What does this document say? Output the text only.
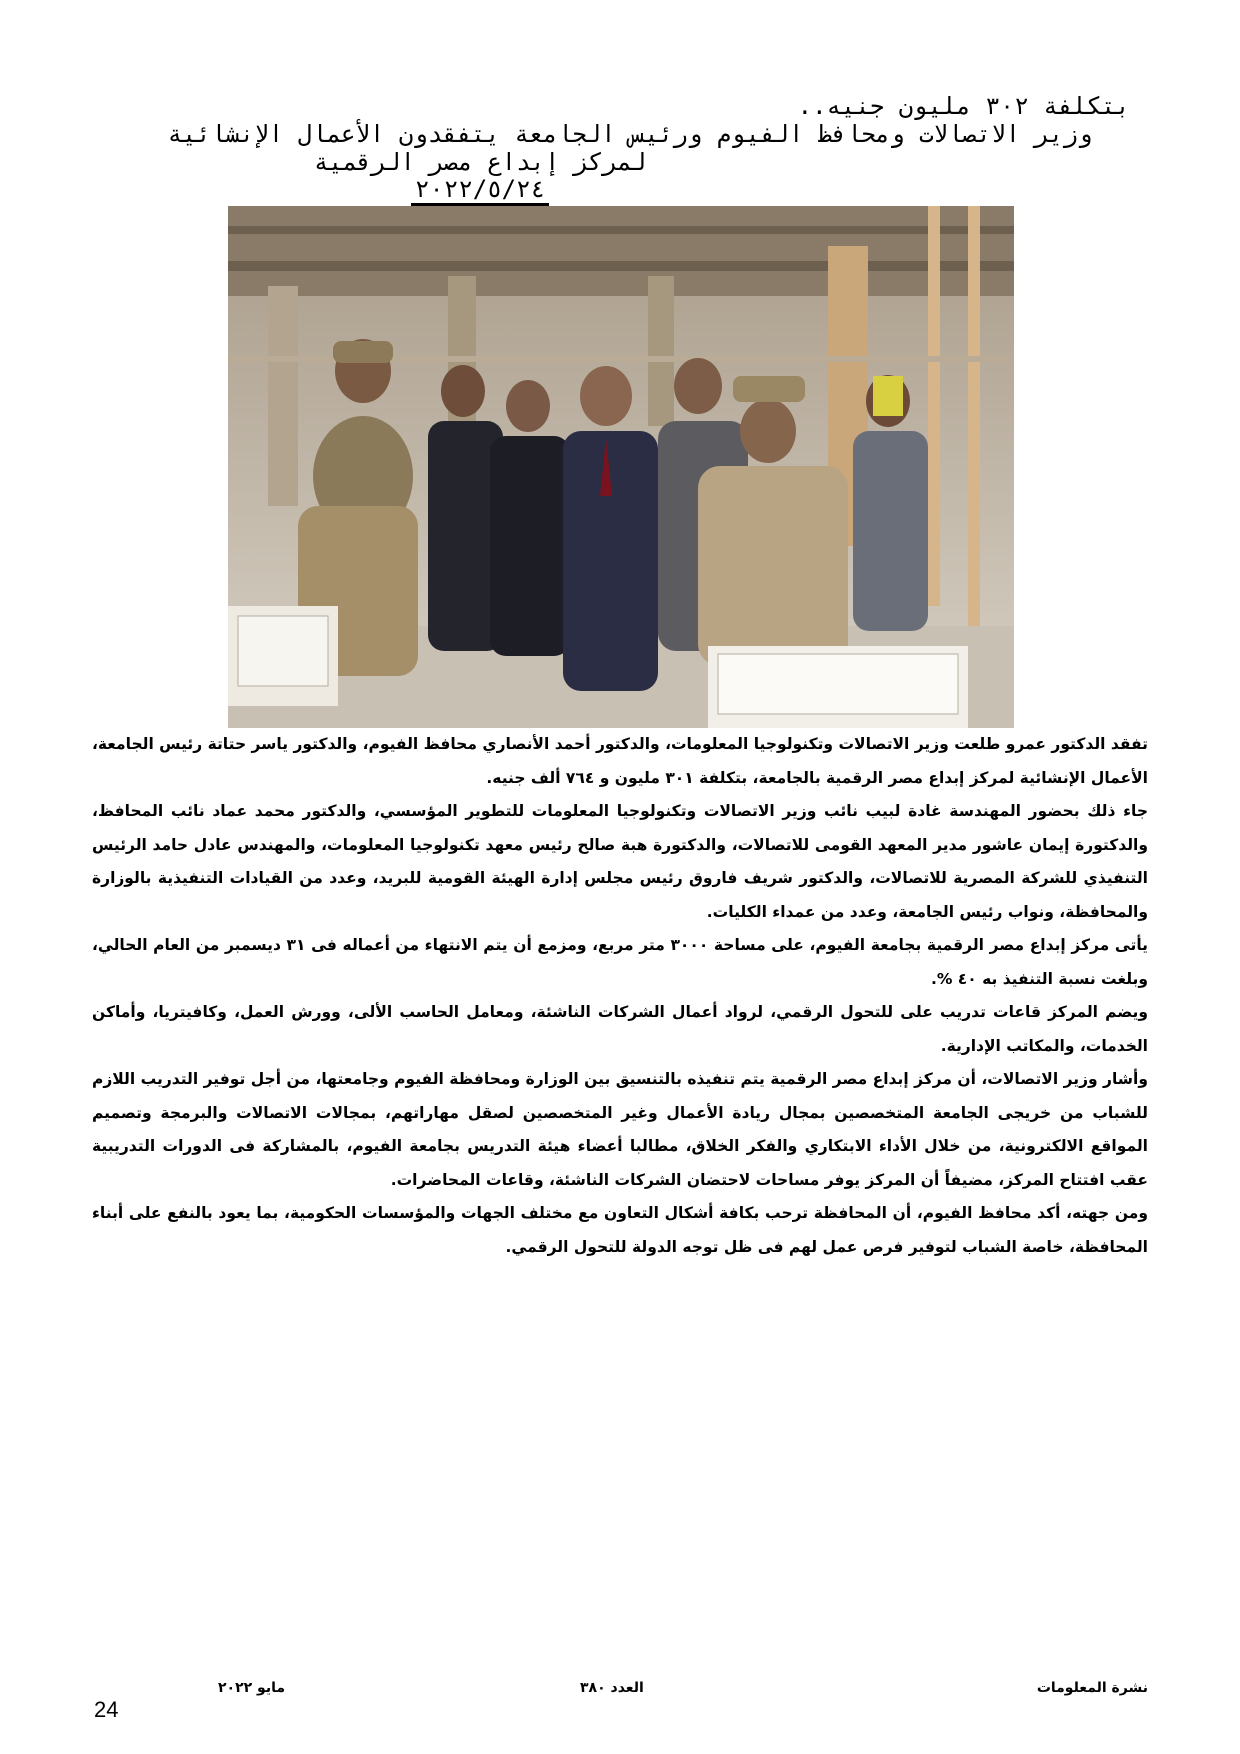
بتكلفة ٣٠٢ مليون جنيه..
وزير الاتصالات ومحافظ الفيوم ورئيس الجامعة يتفقدون الأعمال الإنشائية
لمركز إبداع مصر الرقمية
٢٠٢٢/٥/٢٤

تفقد الدكتور عمرو طلعت وزير الاتصالات وتكنولوجيا المعلومات، والدكتور أحمد الأنصاري محافظ الفيوم، والدكتور ياسر حتاتة رئيس الجامعة، الأعمال الإنشائية لمركز إبداع مصر الرقمية بالجامعة، بتكلفة ٣٠١ مليون و ٧٦٤ ألف جنيه.

جاء ذلك بحضور المهندسة غادة لبيب نائب وزير الاتصالات وتكنولوجيا المعلومات للتطوير المؤسسي، والدكتور محمد عماد نائب المحافظ، والدكتورة إيمان عاشور مدير المعهد القومى للاتصالات، والدكتورة هبة صالح رئيس معهد تكنولوجيا المعلومات، والمهندس عادل حامد الرئيس التنفيذي للشركة المصرية للاتصالات، والدكتور شريف فاروق رئيس مجلس إدارة الهيئة القومية للبريد، وعدد من القيادات التنفيذية بالوزارة والمحافظة، ونواب رئيس الجامعة، وعدد من عمداء الكليات.

يأتى مركز إبداع مصر الرقمية بجامعة الفيوم، على مساحة ٣٠٠٠ متر مربع، ومزمع أن يتم الانتهاء من أعماله فى ٣١ ديسمبر من العام الحالي، وبلغت نسبة التنفيذ به ٤٠ %.

ويضم المركز قاعات تدريب على للتحول الرقمي، لرواد أعمال الشركات الناشئة، ومعامل الحاسب الألى، وورش العمل، وكافيتريا، وأماكن الخدمات، والمكاتب الإدارية.

وأشار وزير الاتصالات، أن مركز إبداع مصر الرقمية يتم تنفيذه بالتنسيق بين الوزارة ومحافظة الفيوم وجامعتها، من أجل توفير التدريب اللازم للشباب من خريجى الجامعة المتخصصين بمجال ريادة الأعمال وغير المتخصصين لصقل مهاراتهم، بمجالات الاتصالات والبرمجة وتصميم المواقع الالكترونية، من خلال الأداء الابتكاري والفكر الخلاق، مطالبا أعضاء هيئة التدريس بجامعة الفيوم، بالمشاركة فى الدورات التدريبية عقب افتتاح المركز، مضيفاً أن المركز يوفر مساحات لاحتضان الشركات الناشئة، وقاعات المحاضرات.

ومن جهته، أكد محافظ الفيوم، أن المحافظة ترحب بكافة أشكال التعاون مع مختلف الجهات والمؤسسات الحكومية، بما يعود بالنفع على أبناء المحافظة، خاصة الشباب لتوفير فرص عمل لهم فى ظل توجه الدولة للتحول الرقمي.

نشرة المعلومات
العدد ٣٨٠
مايو ٢٠٢٢
24
